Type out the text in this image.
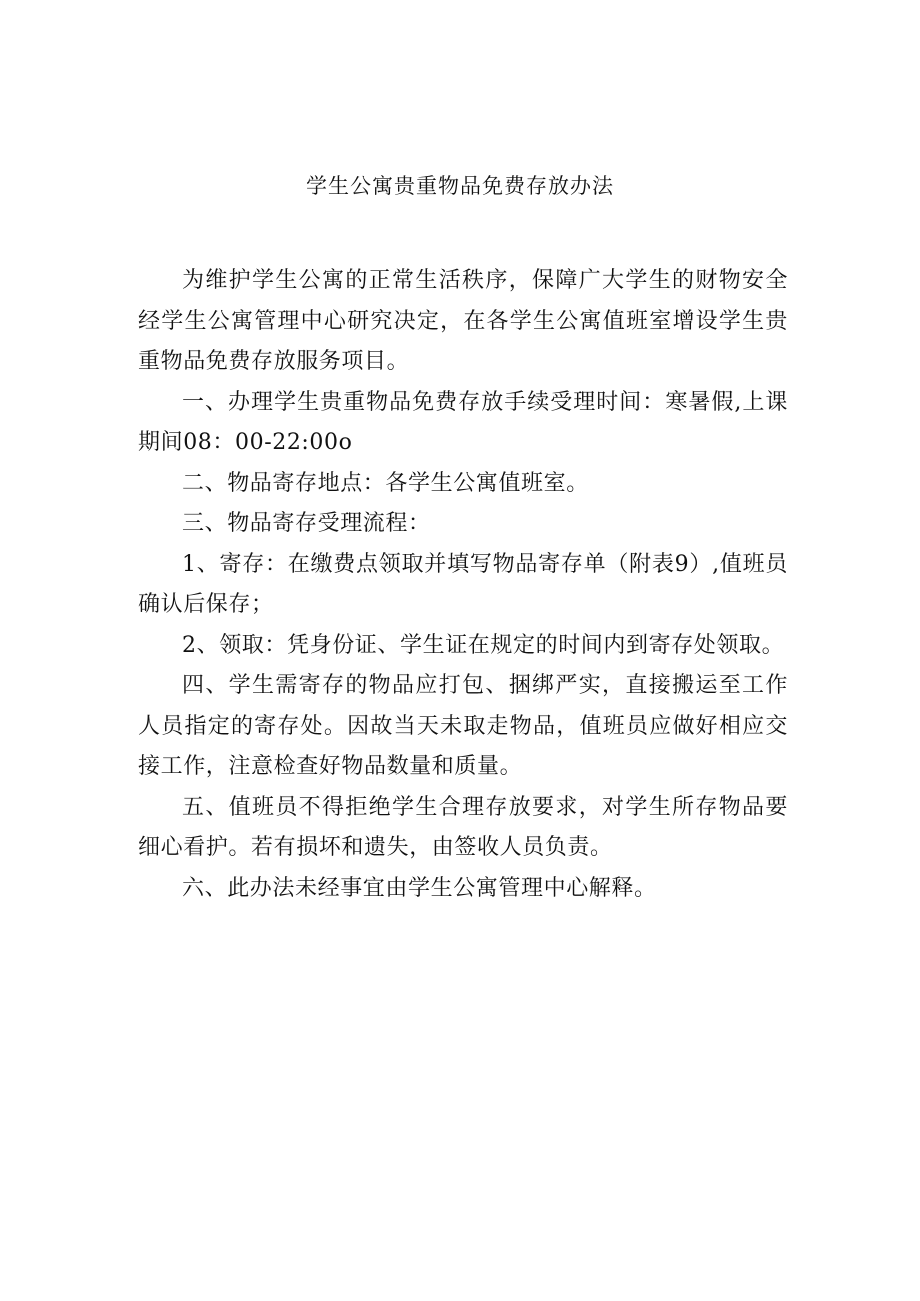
学生公寓贵重物品免费存放办法

为维护学生公寓的正常生活秩序，保障广大学生的财物安全经学生公寓管理中心研究决定，在各学生公寓值班室增设学生贵重物品免费存放服务项目。

一、办理学生贵重物品免费存放手续受理时间：寒暑假,上课期间08：00-22:00o

二、物品寄存地点：各学生公寓值班室。

三、物品寄存受理流程：

1、寄存：在缴费点领取并填写物品寄存单（附表9）,值班员确认后保存；

2、领取：凭身份证、学生证在规定的时间内到寄存处领取。

四、学生需寄存的物品应打包、捆绑严实，直接搬运至工作人员指定的寄存处。因故当天未取走物品，值班员应做好相应交接工作，注意检查好物品数量和质量。

五、值班员不得拒绝学生合理存放要求，对学生所存物品要细心看护。若有损坏和遗失，由签收人员负责。

六、此办法未经事宜由学生公寓管理中心解释。
